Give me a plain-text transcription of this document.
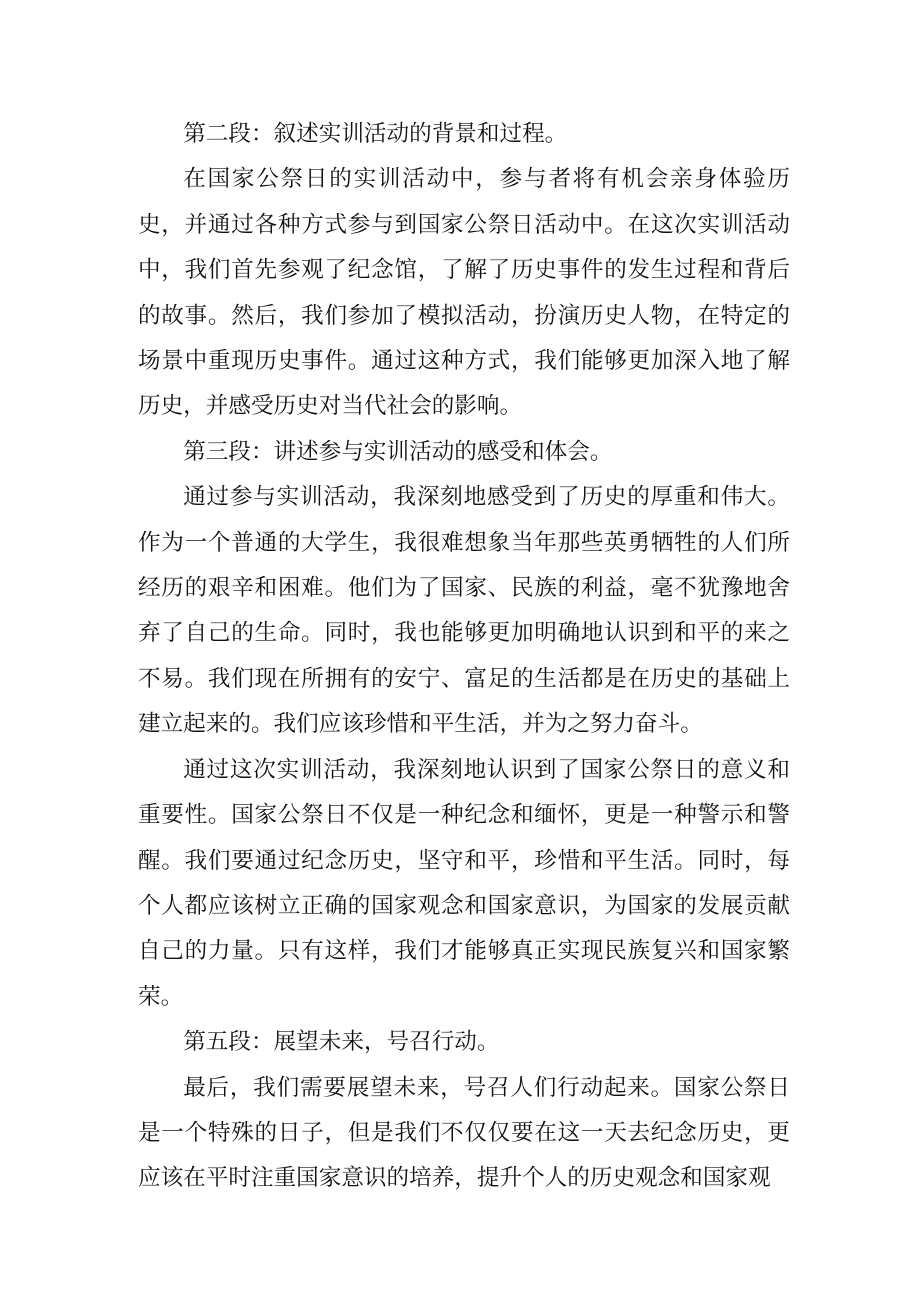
第二段：叙述实训活动的背景和过程。

在国家公祭日的实训活动中，参与者将有机会亲身体验历史，并通过各种方式参与到国家公祭日活动中。在这次实训活动中，我们首先参观了纪念馆，了解了历史事件的发生过程和背后的故事。然后，我们参加了模拟活动，扮演历史人物，在特定的场景中重现历史事件。通过这种方式，我们能够更加深入地了解历史，并感受历史对当代社会的影响。

第三段：讲述参与实训活动的感受和体会。

通过参与实训活动，我深刻地感受到了历史的厚重和伟大。作为一个普通的大学生，我很难想象当年那些英勇牺牲的人们所经历的艰辛和困难。他们为了国家、民族的利益，毫不犹豫地舍弃了自己的生命。同时，我也能够更加明确地认识到和平的来之不易。我们现在所拥有的安宁、富足的生活都是在历史的基础上建立起来的。我们应该珍惜和平生活，并为之努力奋斗。

通过这次实训活动，我深刻地认识到了国家公祭日的意义和重要性。国家公祭日不仅是一种纪念和缅怀，更是一种警示和警醒。我们要通过纪念历史，坚守和平，珍惜和平生活。同时，每个人都应该树立正确的国家观念和国家意识，为国家的发展贡献自己的力量。只有这样，我们才能够真正实现民族复兴和国家繁荣。

第五段：展望未来，号召行动。

最后，我们需要展望未来，号召人们行动起来。国家公祭日是一个特殊的日子，但是我们不仅仅要在这一天去纪念历史，更应该在平时注重国家意识的培养，提升个人的历史观念和国家观
